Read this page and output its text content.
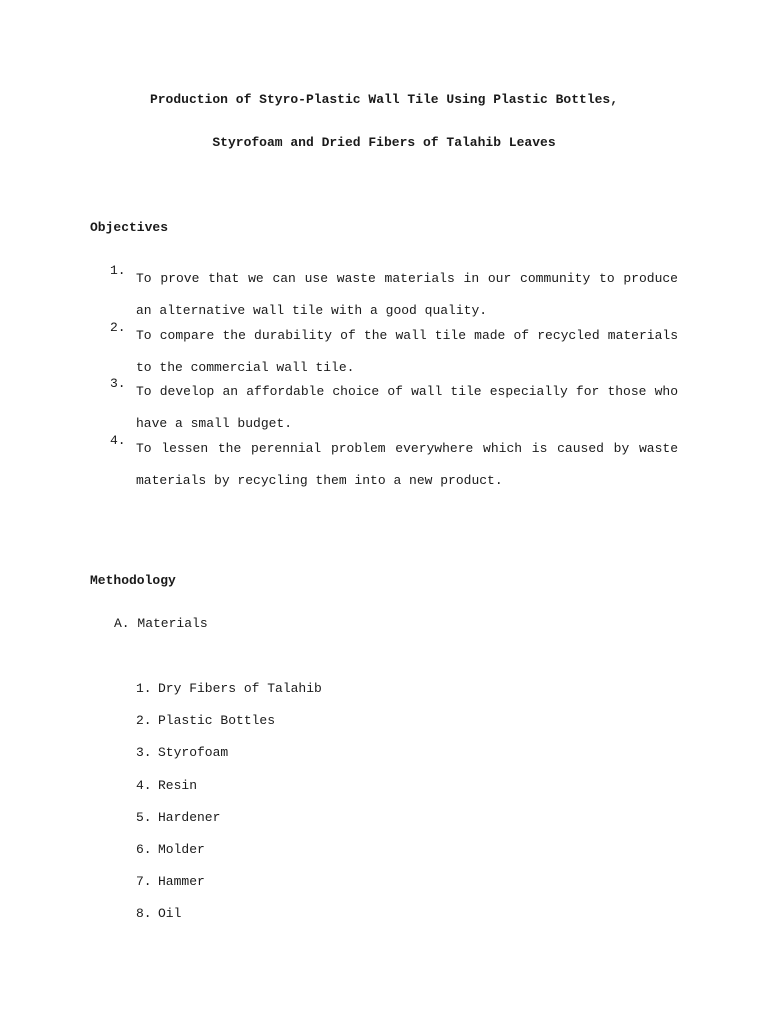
Production of Styro-Plastic Wall Tile Using Plastic Bottles,
Styrofoam and Dried Fibers of Talahib Leaves
Objectives
1.
To prove that we can use waste materials in our community to produce an alternative wall tile with a good quality.
2.
To compare the durability of the wall tile made of recycled materials to the commercial wall tile.
3.
To develop an affordable choice of wall tile especially for those who have a small budget.
4.
To lessen the perennial problem everywhere which is caused by waste materials by recycling them into a new product.
Methodology
A. Materials
1. Dry Fibers of Talahib
2. Plastic Bottles
3. Styrofoam
4. Resin
5. Hardener
6. Molder
7. Hammer
8. Oil
